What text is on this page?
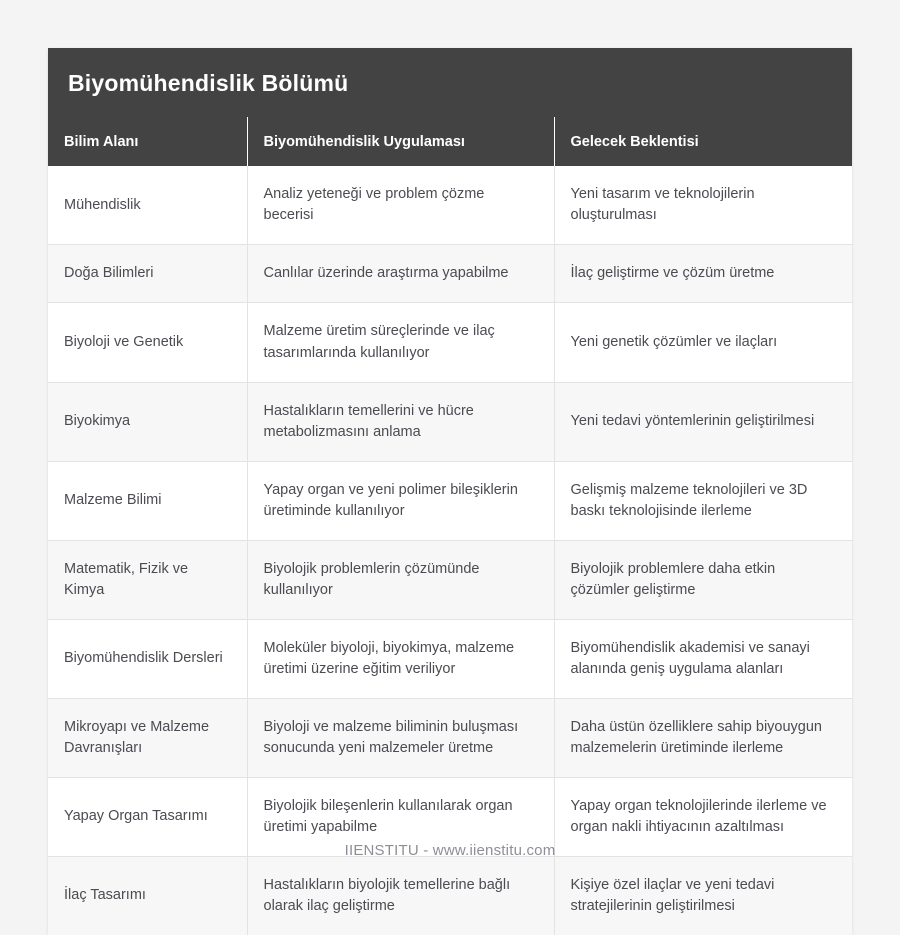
Biyomühendislik Bölümü
Bilim Alanı	Biyomühendislik Uygulaması	Gelecek Beklentisi
Mühendislik	Analiz yeteneği ve problem çözme becerisi	Yeni tasarım ve teknolojilerin oluşturulması
Doğa Bilimleri	Canlılar üzerinde araştırma yapabilme	İlaç geliştirme ve çözüm üretme
Biyoloji ve Genetik	Malzeme üretim süreçlerinde ve ilaç tasarımlarında kullanılıyor	Yeni genetik çözümler ve ilaçları
Biyokimya	Hastalıkların temellerini ve hücre metabolizmasını anlama	Yeni tedavi yöntemlerinin geliştirilmesi
Malzeme Bilimi	Yapay organ ve yeni polimer bileşiklerin üretiminde kullanılıyor	Gelişmiş malzeme teknolojileri ve 3D baskı teknolojisinde ilerleme
Matematik, Fizik ve Kimya	Biyolojik problemlerin çözümünde kullanılıyor	Biyolojik problemlere daha etkin çözümler geliştirme
Biyomühendislik Dersleri	Moleküler biyoloji, biyokimya, malzeme üretimi üzerine eğitim veriliyor	Biyomühendislik akademisi ve sanayi alanında geniş uygulama alanları
Mikroyapı ve Malzeme Davranışları	Biyoloji ve malzeme biliminin buluşması sonucunda yeni malzemeler üretme	Daha üstün özelliklere sahip biyouygun malzemelerin üretiminde ilerleme
Yapay Organ Tasarımı	Biyolojik bileşenlerin kullanılarak organ üretimi yapabilme	Yapay organ teknolojilerinde ilerleme ve organ nakli ihtiyacının azaltılması
İlaç Tasarımı	Hastalıkların biyolojik temellerine bağlı olarak ilaç geliştirme	Kişiye özel ilaçlar ve yeni tedavi stratejilerinin geliştirilmesi
IIENSTITU - www.iienstitu.com
